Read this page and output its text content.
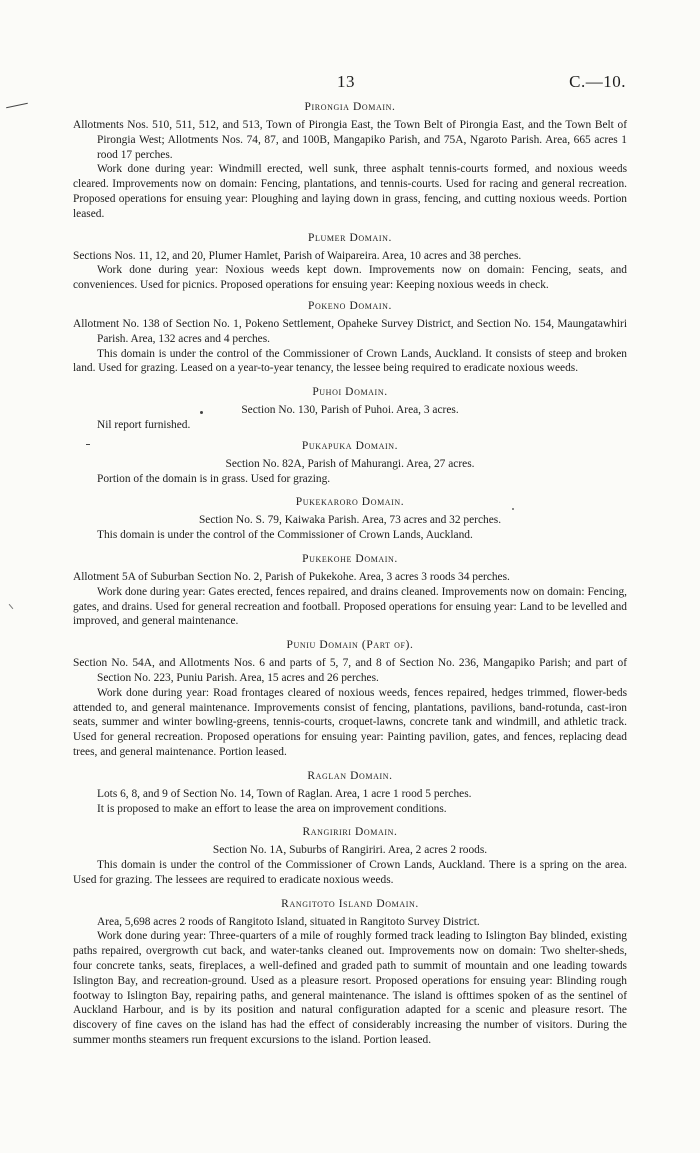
13	C.—10.
Pirongia Domain.

Allotments Nos. 510, 511, 512, and 513, Town of Pirongia East, the Town Belt of Pirongia East, and the Town Belt of Pirongia West; Allotments Nos. 74, 87, and 100B, Mangapiko Parish, and 75A, Ngaroto Parish. Area, 665 acres 1 rood 17 perches.

Work done during year: Windmill erected, well sunk, three asphalt tennis-courts formed, and noxious weeds cleared. Improvements now on domain: Fencing, plantations, and tennis-courts. Used for racing and general recreation. Proposed operations for ensuing year: Ploughing and laying down in grass, fencing, and cutting noxious weeds. Portion leased.

Plumer Domain.

Sections Nos. 11, 12, and 20, Plumer Hamlet, Parish of Waipareira. Area, 10 acres and 38 perches.

Work done during year: Noxious weeds kept down. Improvements now on domain: Fencing, seats, and conveniences. Used for picnics. Proposed operations for ensuing year: Keeping noxious weeds in check.

Pokeno Domain.

Allotment No. 138 of Section No. 1, Pokeno Settlement, Opaheke Survey District, and Section No. 154, Maungatawhiri Parish. Area, 132 acres and 4 perches.

This domain is under the control of the Commissioner of Crown Lands, Auckland. It consists of steep and broken land. Used for grazing. Leased on a year-to-year tenancy, the lessee being required to eradicate noxious weeds.

Puhoi Domain.

Section No. 130, Parish of Puhoi. Area, 3 acres.

Nil report furnished.

Pukapuka Domain.

Section No. 82A, Parish of Mahurangi. Area, 27 acres.

Portion of the domain is in grass. Used for grazing.

Pukekaroro Domain.

Section No. S. 79, Kaiwaka Parish. Area, 73 acres and 32 perches.

This domain is under the control of the Commissioner of Crown Lands, Auckland.

Pukekohe Domain.

Allotment 5A of Suburban Section No. 2, Parish of Pukekohe. Area, 3 acres 3 roods 34 perches.

Work done during year: Gates erected, fences repaired, and drains cleaned. Improvements now on domain: Fencing, gates, and drains. Used for general recreation and football. Proposed operations for ensuing year: Land to be levelled and improved, and general maintenance.

Puniu Domain (Part of).

Section No. 54A, and Allotments Nos. 6 and parts of 5, 7, and 8 of Section No. 236, Mangapiko Parish; and part of Section No. 223, Puniu Parish. Area, 15 acres and 26 perches.

Work done during year: Road frontages cleared of noxious weeds, fences repaired, hedges trimmed, flower-beds attended to, and general maintenance. Improvements consist of fencing, plantations, pavilions, band-rotunda, cast-iron seats, summer and winter bowling-greens, tennis-courts, croquet-lawns, concrete tank and windmill, and athletic track. Used for general recreation. Proposed operations for ensuing year: Painting pavilion, gates, and fences, replacing dead trees, and general maintenance. Portion leased.

Raglan Domain.

Lots 6, 8, and 9 of Section No. 14, Town of Raglan. Area, 1 acre 1 rood 5 perches.

It is proposed to make an effort to lease the area on improvement conditions.

Rangiriri Domain.

Section No. 1A, Suburbs of Rangiriri. Area, 2 acres 2 roods.

This domain is under the control of the Commissioner of Crown Lands, Auckland. There is a spring on the area. Used for grazing. The lessees are required to eradicate noxious weeds.

Rangitoto Island Domain.

Area, 5,698 acres 2 roods of Rangitoto Island, situated in Rangitoto Survey District.

Work done during year: Three-quarters of a mile of roughly formed track leading to Islington Bay blinded, existing paths repaired, overgrowth cut back, and water-tanks cleaned out. Improvements now on domain: Two shelter-sheds, four concrete tanks, seats, fireplaces, a well-defined and graded path to summit of mountain and one leading towards Islington Bay, and recreation-ground. Used as a pleasure resort. Proposed operations for ensuing year: Blinding rough footway to Islington Bay, repairing paths, and general maintenance. The island is ofttimes spoken of as the sentinel of Auckland Harbour, and is by its position and natural configuration adapted for a scenic and pleasure resort. The discovery of fine caves on the island has had the effect of considerably increasing the number of visitors. During the summer months steamers run frequent excursions to the island. Portion leased.
